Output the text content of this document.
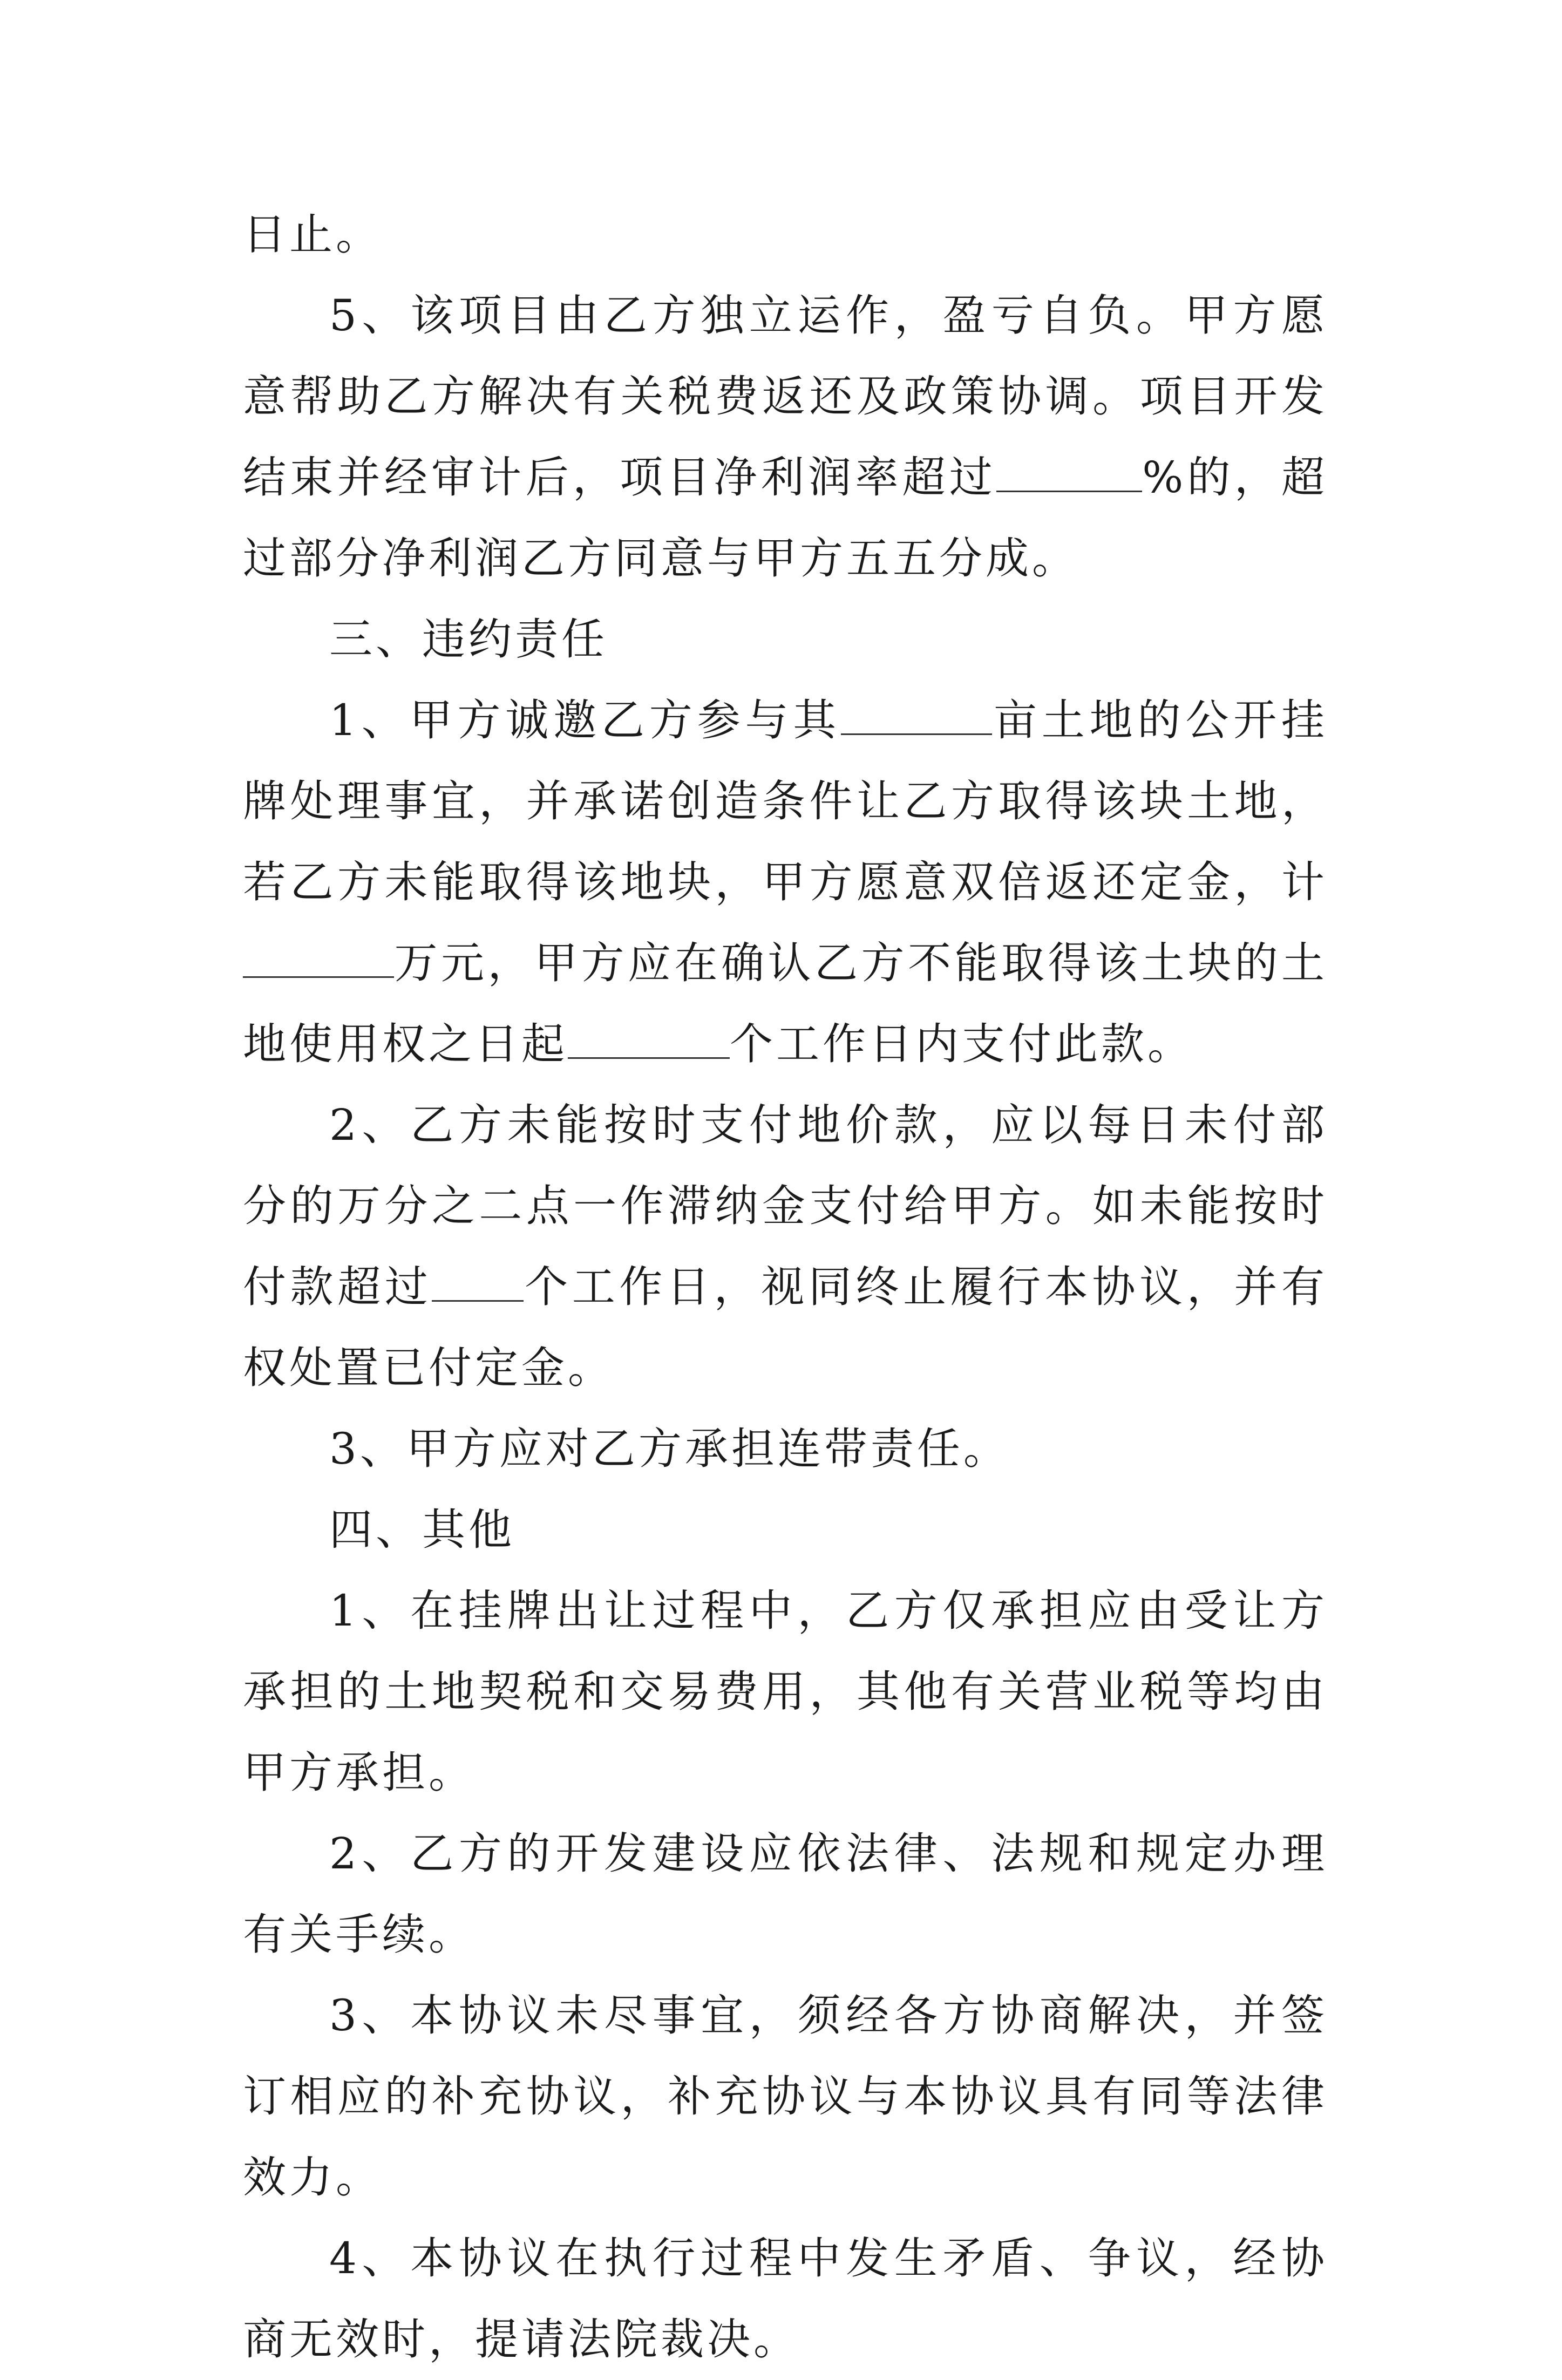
日止。

5、该项目由乙方独立运作，盈亏自负。甲方愿意帮助乙方解决有关税费返还及政策协调。项目开发结束并经审计后，项目净利润率超过	%的，超过部分净利润乙方同意与甲方五五分成。

三、违约责任

1、甲方诚邀乙方参与其	亩土地的公开挂牌处理事宜，并承诺创造条件让乙方取得该块土地，若乙方未能取得该地块，甲方愿意双倍返还定金，计万元，甲方应在确认乙方不能取得该土块的土地使用权之日起	个工作日内支付此款。

2、乙方未能按时支付地价款，应以每日未付部分的万分之二点一作滞纳金支付给甲方。如未能按时付款超过 个工作日，视同终止履行本协议，并有权处置已付定金。

3、甲方应对乙方承担连带责任。

四、其他

1、在挂牌出让过程中，乙方仅承担应由受让方承担的土地契税和交易费用，其他有关营业税等均由甲方承担。

2、乙方的开发建设应依法律、法规和规定办理有关手续。

3、本协议未尽事宜，须经各方协商解决，并签订相应的补充协议，补充协议与本协议具有同等法律效力。

4、本协议在执行过程中发生矛盾、争议，经协商无效时，提请法院裁决。
